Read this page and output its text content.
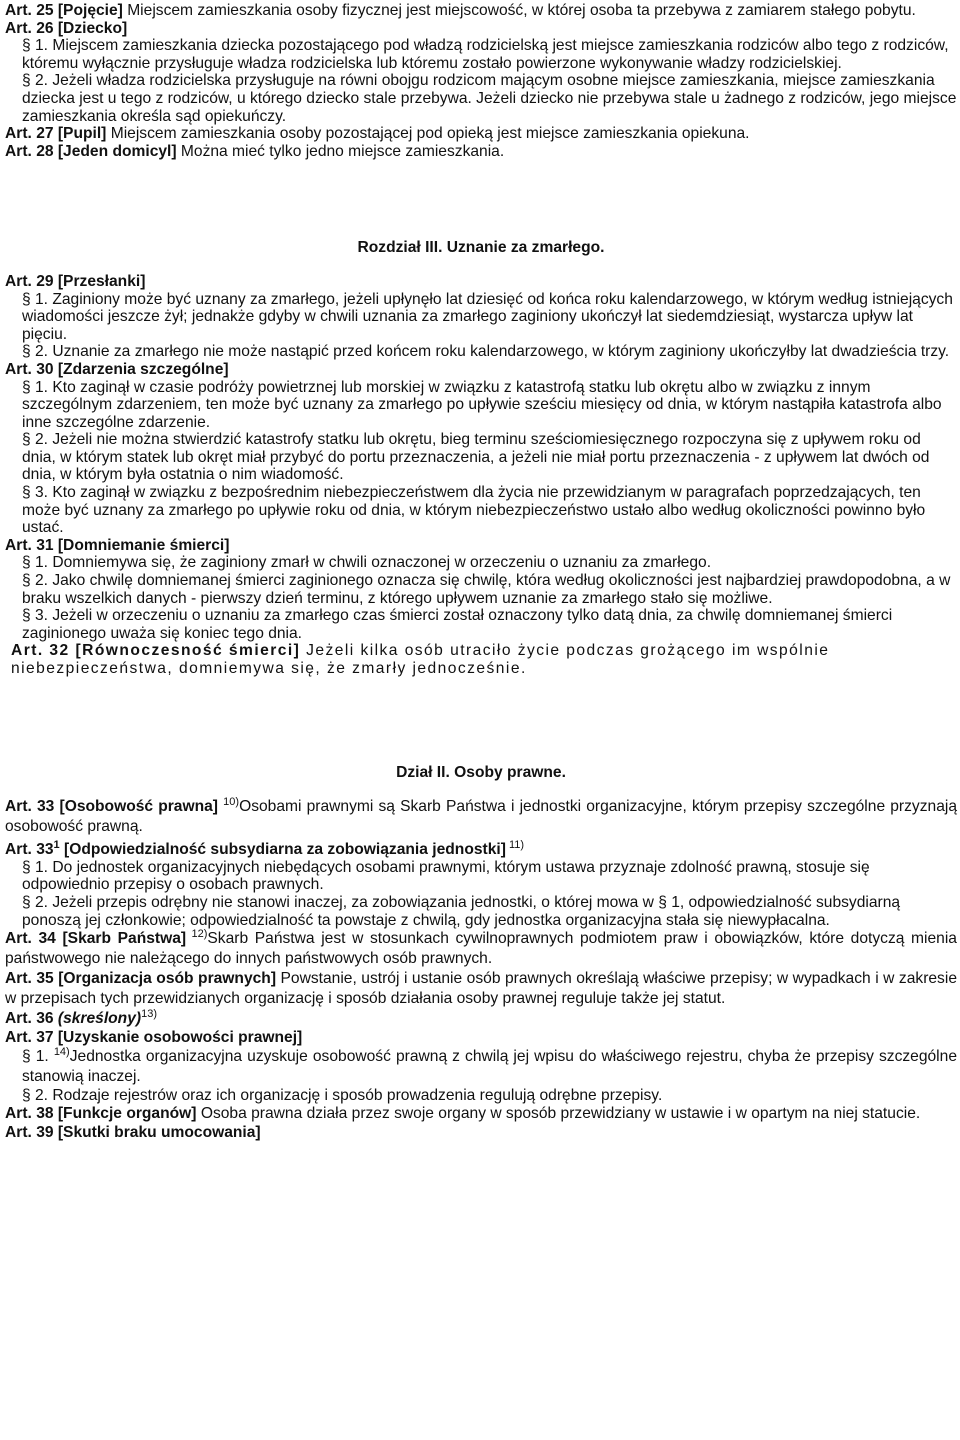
Art. 25 [Pojęcie] Miejscem zamieszkania osoby fizycznej jest miejscowość, w której osoba ta przebywa z zamiarem stałego pobytu.

Art. 26 [Dziecko]

§ 1. Miejscem zamieszkania dziecka pozostającego pod władzą rodzicielską jest miejsce zamieszkania rodziców albo tego z rodziców, któremu wyłącznie przysługuje władza rodzicielska lub któremu zostało powierzone wykonywanie władzy rodzicielskiej.

§ 2. Jeżeli władza rodzicielska przysługuje na równi obojgu rodzicom mającym osobne miejsce zamieszkania, miejsce zamieszkania dziecka jest u tego z rodziców, u którego dziecko stale przebywa. Jeżeli dziecko nie przebywa stale u żadnego z rodziców, jego miejsce zamieszkania określa sąd opiekuńczy.

Art. 27 [Pupil] Miejscem zamieszkania osoby pozostającej pod opieką jest miejsce zamieszkania opiekuna.

Art. 28 [Jeden domicyl] Można mieć tylko jedno miejsce zamieszkania.

Rozdział III. Uznanie za zmarłego.

Art. 29 [Przesłanki]

§ 1. Zaginiony może być uznany za zmarłego, jeżeli upłynęło lat dziesięć od końca roku kalendarzowego, w którym według istniejących wiadomości jeszcze żył; jednakże gdyby w chwili uznania za zmarłego zaginiony ukończył lat siedemdziesiąt, wystarcza upływ lat pięciu.

§ 2. Uznanie za zmarłego nie może nastąpić przed końcem roku kalendarzowego, w którym zaginiony ukończyłby lat dwadzieścia trzy.

Art. 30 [Zdarzenia szczególne]

§ 1. Kto zaginął w czasie podróży powietrznej lub morskiej w związku z katastrofą statku lub okrętu albo w związku z innym szczególnym zdarzeniem, ten może być uznany za zmarłego po upływie sześciu miesięcy od dnia, w którym nastąpiła katastrofa albo inne szczególne zdarzenie.

§ 2. Jeżeli nie można stwierdzić katastrofy statku lub okrętu, bieg terminu sześciomiesięcznego rozpoczyna się z upływem roku od dnia, w którym statek lub okręt miał przybyć do portu przeznaczenia, a jeżeli nie miał portu przeznaczenia - z upływem lat dwóch od dnia, w którym była ostatnia o nim wiadomość.

§ 3. Kto zaginął w związku z bezpośrednim niebezpieczeństwem dla życia nie przewidzianym w paragrafach poprzedzających, ten może być uznany za zmarłego po upływie roku od dnia, w którym niebezpieczeństwo ustało albo według okoliczności powinno było ustać.

Art. 31 [Domniemanie śmierci]

§ 1. Domniemywa się, że zaginiony zmarł w chwili oznaczonej w orzeczeniu o uznaniu za zmarłego.

§ 2. Jako chwilę domniemanej śmierci zaginionego oznacza się chwilę, która według okoliczności jest najbardziej prawdopodobna, a w braku wszelkich danych - pierwszy dzień terminu, z którego upływem uznanie za zmarłego stało się możliwe.

§ 3. Jeżeli w orzeczeniu o uznaniu za zmarłego czas śmierci został oznaczony tylko datą dnia, za chwilę domniemanej śmierci zaginionego uważa się koniec tego dnia.

Art. 32 [Równoczesność śmierci] Jeżeli kilka osób utraciło życie podczas grożącego im wspólnie niebezpieczeństwa, domniemywa się, że zmarły jednocześnie.

Dział II. Osoby prawne.

Art. 33 [Osobowość prawna] $^{10)}$Osobami prawnymi są Skarb Państwa i jednostki organizacyjne, którym przepisy szczególne przyznają osobowość prawną.

Art. $33^1$ [Odpowiedzialność subsydiarna za zobowiązania jednostki] $^{11)}$

§ 1. Do jednostek organizacyjnych niebędących osobami prawnymi, którym ustawa przyznaje zdolność prawną, stosuje się odpowiednio przepisy o osobach prawnych.

§ 2. Jeżeli przepis odrębny nie stanowi inaczej, za zobowiązania jednostki, o której mowa w § 1, odpowiedzialność subsydiarną ponoszą jej członkowie; odpowiedzialność ta powstaje z chwilą, gdy jednostka organizacyjna stała się niewypłacalna.

Art. 34 [Skarb Państwa] $^{12)}$Skarb Państwa jest w stosunkach cywilnoprawnych podmiotem praw i obowiązków, które dotyczą mienia państwowego nie należącego do innych państwowych osób prawnych.

Art. 35 [Organizacja osób prawnych] Powstanie, ustrój i ustanie osób prawnych określają właściwe przepisy; w wypadkach i w zakresie w przepisach tych przewidzianych organizację i sposób działania osoby prawnej reguluje także jej statut.

Art. 36 (skreślony)$^{13)}$

Art. 37 [Uzyskanie osobowości prawnej]

§ 1. $^{14)}$Jednostka organizacyjna uzyskuje osobowość prawną z chwilą jej wpisu do właściwego rejestru, chyba że przepisy szczególne stanowią inaczej.

§ 2. Rodzaje rejestrów oraz ich organizację i sposób prowadzenia regulują odrębne przepisy.

Art. 38 [Funkcje organów] Osoba prawna działa przez swoje organy w sposób przewidziany w ustawie i w opartym na niej statucie.

Art. 39 [Skutki braku umocowania]
